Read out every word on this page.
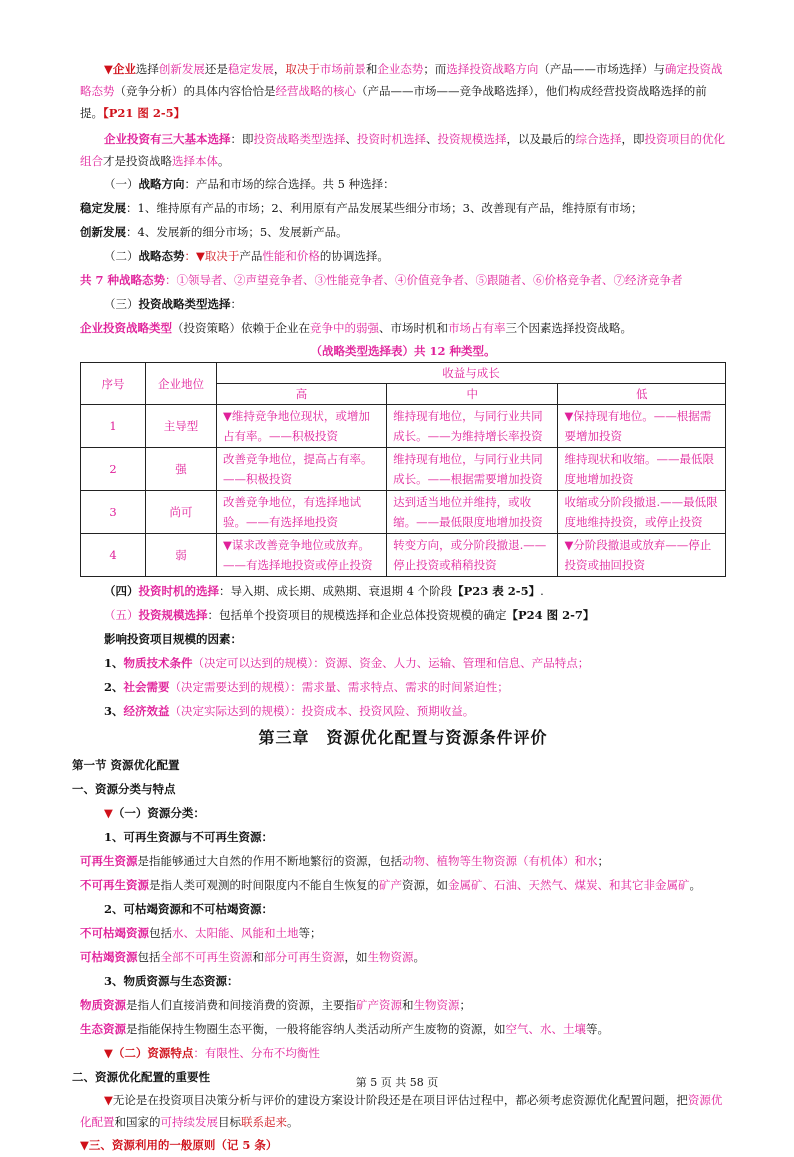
▼企业选择创新发展还是稳定发展，取决于市场前景和企业态势；而选择投资战略方向（产品——市场选择）与确定投资战略态势（竞争分析）的具体内容恰恰是经营战略的核心（产品——市场——竞争战略选择），他们构成经营投资战略选择的前提。【P21 图 2-5】

企业投资有三大基本选择：即投资战略类型选择、投资时机选择、投资规模选择，以及最后的综合选择，即投资项目的优化组合才是投资战略选择本体。

（一）战略方向：产品和市场的综合选择。共 5 种选择：
稳定发展：1、维持原有产品的市场；2、利用原有产品发展某些细分市场；3、改善现有产品，维持原有市场；
创新发展：4、发展新的细分市场；5、发展新产品。
（二）战略态势：▼取决于产品性能和价格的协调选择。
共 7 种战略态势：①领导者、②声望竞争者、③性能竞争者、④价值竞争者、⑤跟随者、⑥价格竞争者、⑦经济竞争者
（三）投资战略类型选择：
企业投资战略类型（投资策略）依赖于企业在竞争中的弱强、市场时机和市场占有率三个因素选择投资战略。
（战略类型选择表）共 12 种类型。
序号	企业地位	收益与成长		
		高	中	低
1	主导型	▼维持竞争地位现状，或增加占有率。——积极投资	维持现有地位，与同行业共同成长。——为维持增长率投资	▼保持现有地位。——根据需要增加投资
2	强	改善竞争地位，提高占有率。——积极投资	维持现有地位，与同行业共同成长。——根据需要增加投资	维持现状和收缩。——最低限度地增加投资
3	尚可	改善竞争地位，有选择地试验。——有选择地投资	达到适当地位并维持，或收缩。——最低限度地增加投资	收缩或分阶段撤退.——最低限度地维持投资，或停止投资
4	弱	▼谋求改善竞争地位或放弃。——有选择地投资或停止投资	转变方向，或分阶段撤退.——停止投资或稍稍投资	▼分阶段撤退或放弃——停止投资或抽回投资
（四）投资时机的选择：导入期、成长期、成熟期、衰退期 4 个阶段【P23 表 2-5】.
（五）投资规模选择：包括单个投资项目的规模选择和企业总体投资规模的确定【P24 图 2-7】
影响投资项目规模的因素：
1、物质技术条件（决定可以达到的规模）：资源、资金、人力、运输、管理和信息、产品特点；
2、社会需要（决定需要达到的规模）：需求量、需求特点、需求的时间紧迫性；
3、经济效益（决定实际达到的规模）：投资成本、投资风险、预期收益。
第三章　资源优化配置与资源条件评价
第一节 资源优化配置
一、资源分类与特点
▼（一）资源分类：
1、可再生资源与不可再生资源：
可再生资源是指能够通过大自然的作用不断地繁衍的资源，包括动物、植物等生物资源（有机体）和水；
不可再生资源是指人类可观测的时间限度内不能自生恢复的矿产资源，如金属矿、石油、天然气、煤炭、和其它非金属矿。
2、可枯竭资源和不可枯竭资源：
不可枯竭资源包括水、太阳能、风能和土地等；
可枯竭资源包括全部不可再生资源和部分可再生资源，如生物资源。
3、物质资源与生态资源：
物质资源是指人们直接消费和间接消费的资源，主要指矿产资源和生物资源；
生态资源是指能保持生物圈生态平衡，一般将能容纳人类活动所产生废物的资源，如空气、水、土壤等。
▼（二）资源特点：有限性、分布不均衡性
二、资源优化配置的重要性

▼无论是在投资项目决策分析与评价的建设方案设计阶段还是在项目评估过程中，都必须考虑资源优化配置问题，把资源优化配置和国家的可持续发展目标联系起来。

▼三、资源利用的一般原则（记 5 条）
第 5 页 共 58 页
